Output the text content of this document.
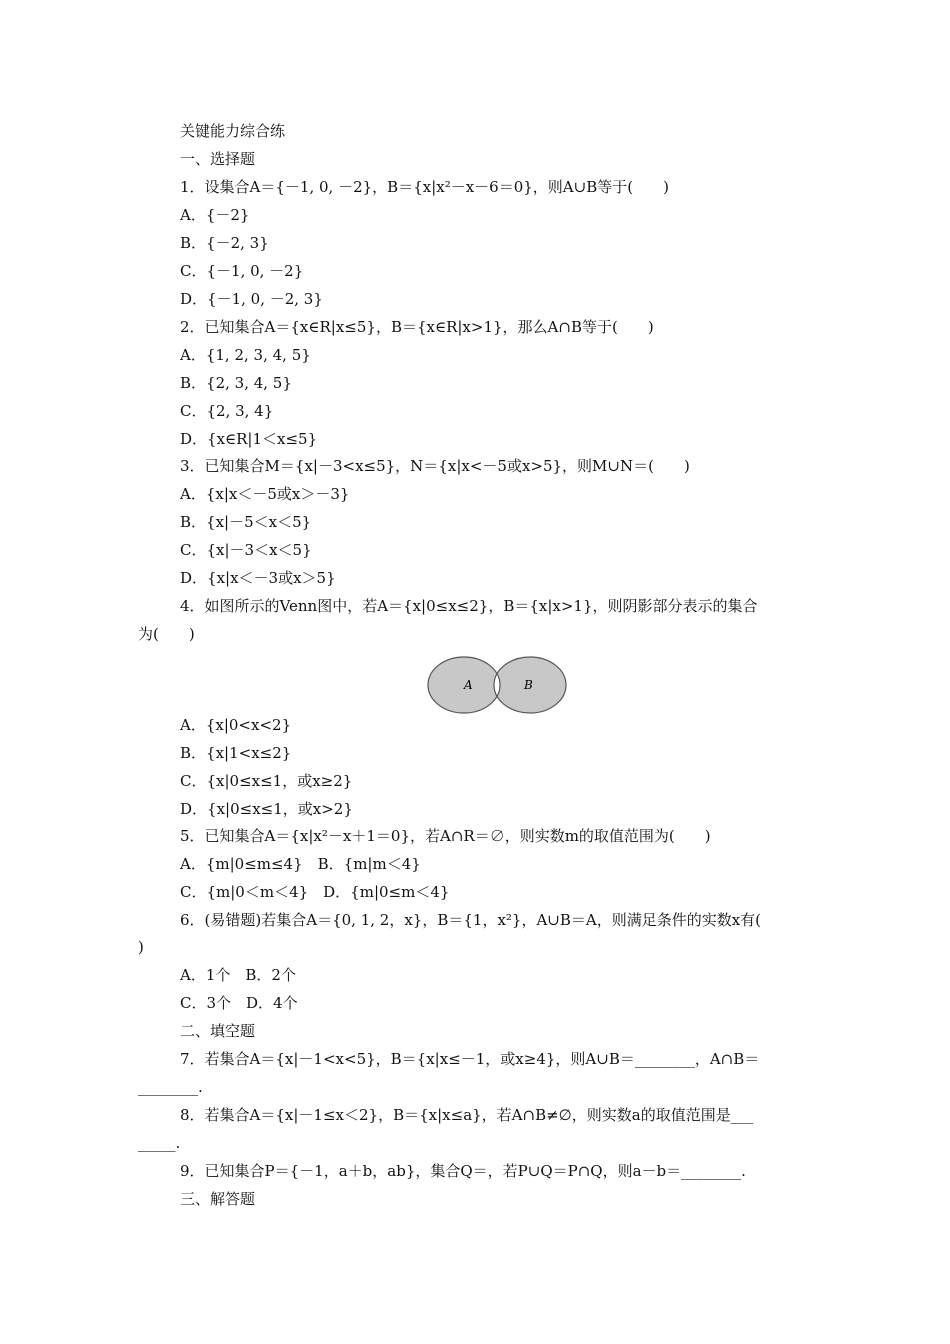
关键能力综合练
一、选择题
1．设集合A＝{－1, 0, －2}，B＝{x|x²－x－6＝0}，则A∪B等于(　　)
A．{－2}
B．{－2, 3}
C．{－1, 0, －2}
D．{－1, 0, －2, 3}
2．已知集合A＝{x∈R|x≤5}，B＝{x∈R|x>1}，那么A∩B等于(　　)
A．{1, 2, 3, 4, 5}
B．{2, 3, 4, 5}
C．{2, 3, 4}
D．{x∈R|1＜x≤5}
3．已知集合M＝{x|－3<x≤5}，N＝{x|x<－5或x>5}，则M∪N＝(　　)
A．{x|x＜－5或x＞－3}
B．{x|－5＜x＜5}
C．{x|－3＜x＜5}
D．{x|x＜－3或x＞5}
4．如图所示的Venn图中，若A＝{x|0≤x≤2}，B＝{x|x>1}，则阴影部分表示的集合
为(　　)
A	B
A．{x|0<x<2}
B．{x|1<x≤2}
C．{x|0≤x≤1，或x≥2}
D．{x|0≤x≤1，或x>2}
5．已知集合A＝{x|x²－x＋1＝0}，若A∩R＝∅，则实数m的取值范围为(　　)
A．{m|0≤m≤4}　B．{m|m＜4}
C．{m|0＜m＜4}　D．{m|0≤m＜4}
6．(易错题)若集合A＝{0, 1, 2，x}，B＝{1，x²}，A∪B＝A，则满足条件的实数x有(
)
A．1个　B．2个
C．3个　D．4个
二、填空题
7．若集合A＝{x|－1<x<5}，B＝{x|x≤－1，或x≥4}，则A∪B＝________，A∩B＝
________.
8．若集合A＝{x|－1≤x＜2}，B＝{x|x≤a}，若A∩B≠∅，则实数a的取值范围是___
_____.
9．已知集合P＝{－1，a＋b，ab}，集合Q＝，若P∪Q＝P∩Q，则a－b＝________.
三、解答题
